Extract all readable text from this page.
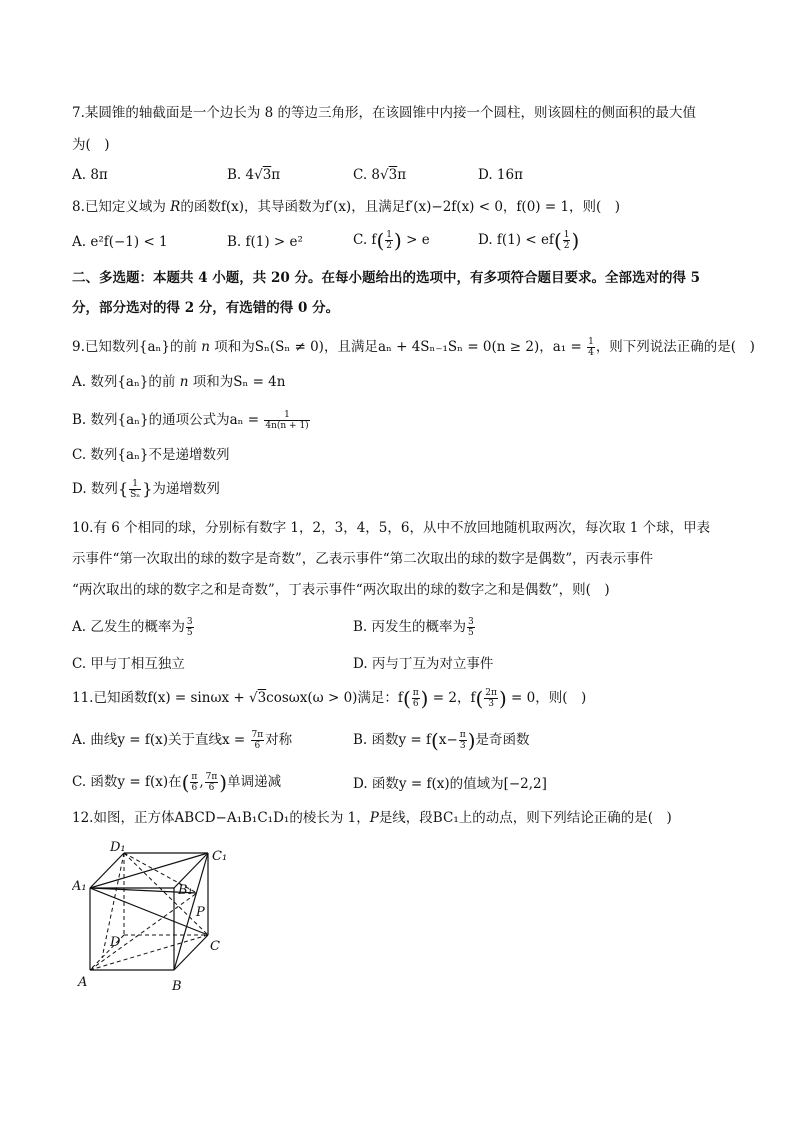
7.某圆锥的轴截面是一个边长为 8 的等边三角形，在该圆锥中内接一个圆柱，则该圆柱的侧面积的最大值
为(　)
A. 8π	B. 4√3π	C. 8√3π	D. 16π
8.已知定义域为 R的函数f(x)，其导函数为f′(x)，且满足f′(x)−2f(x) < 0，f(0) = 1，则(　)
A. e²f(−1) < 1	B. f(1) > e²	C. $f( \frac{1}{2}$ ) > e	D. $f(1) < ef( \frac{1}{2}$ )
二、多选题：本题共 4 小题，共 20 分。在每小题给出的选项中，有多项符合题目要求。全部选对的得 5
分，部分选对的得 2 分，有选错的得 0 分。
9.已知数列{aₙ}的前 n 项和为Sₙ(Sₙ ≠ 0)，且满足aₙ + 4Sₙ₋₁Sₙ = 0(n ≥ 2)，$a_1 = \frac{1}{4}$ ，则下列说法正确的是(　)
A. 数列{aₙ}的前 n 项和为Sₙ = 4n
B. 数列{aₙ}的通项公式为$a_n = \frac{1}{4n(n + 1)}$
C. 数列{aₙ}不是递增数列
D. 数列{ $\frac{1}{\text{Sₙ}}$ }为递增数列
10.有 6 个相同的球，分别标有数字 1，2，3，4，5，6，从中不放回地随机取两次，每次取 1 个球，甲表
示事件“第一次取出的球的数字是奇数”，乙表示事件“第二次取出的球的数字是偶数”，丙表示事件
“两次取出的球的数字之和是奇数”，丁表示事件“两次取出的球的数字之和是偶数”，则(　)
A. 乙发生的概率为 $\frac{3}{5}$	B. 丙发生的概率为 $\frac{3}{5}$
C. 甲与丁相互独立	D. 丙与丁互为对立事件
11.已知函数f(x) = sinωx + √3cosωx(ω > 0)满足：$f( \frac{\pi}{6}$ ) = 2，$f( \frac{2\pi}{3}$ ) = 0，则(　)
A. 曲线y = f(x)关于直线$x = \frac{7\pi}{6}$ 对称	B. 函数$y = f(x- \frac{\pi}{3}$ )是奇函数
C. 函数y = f(x)在( $\frac{\pi}{6}$ , $\frac{7\pi}{6}$ )单调递减	D. 函数y = f(x)的值域为[−2,2]
12.如图，正方体ABCD−A₁B₁C₁D₁的棱长为 1，P是线，段BC₁上的动点，则下列结论正确的是(　)
D₁
C₁
A₁	B₁
P
D	C
A	B
